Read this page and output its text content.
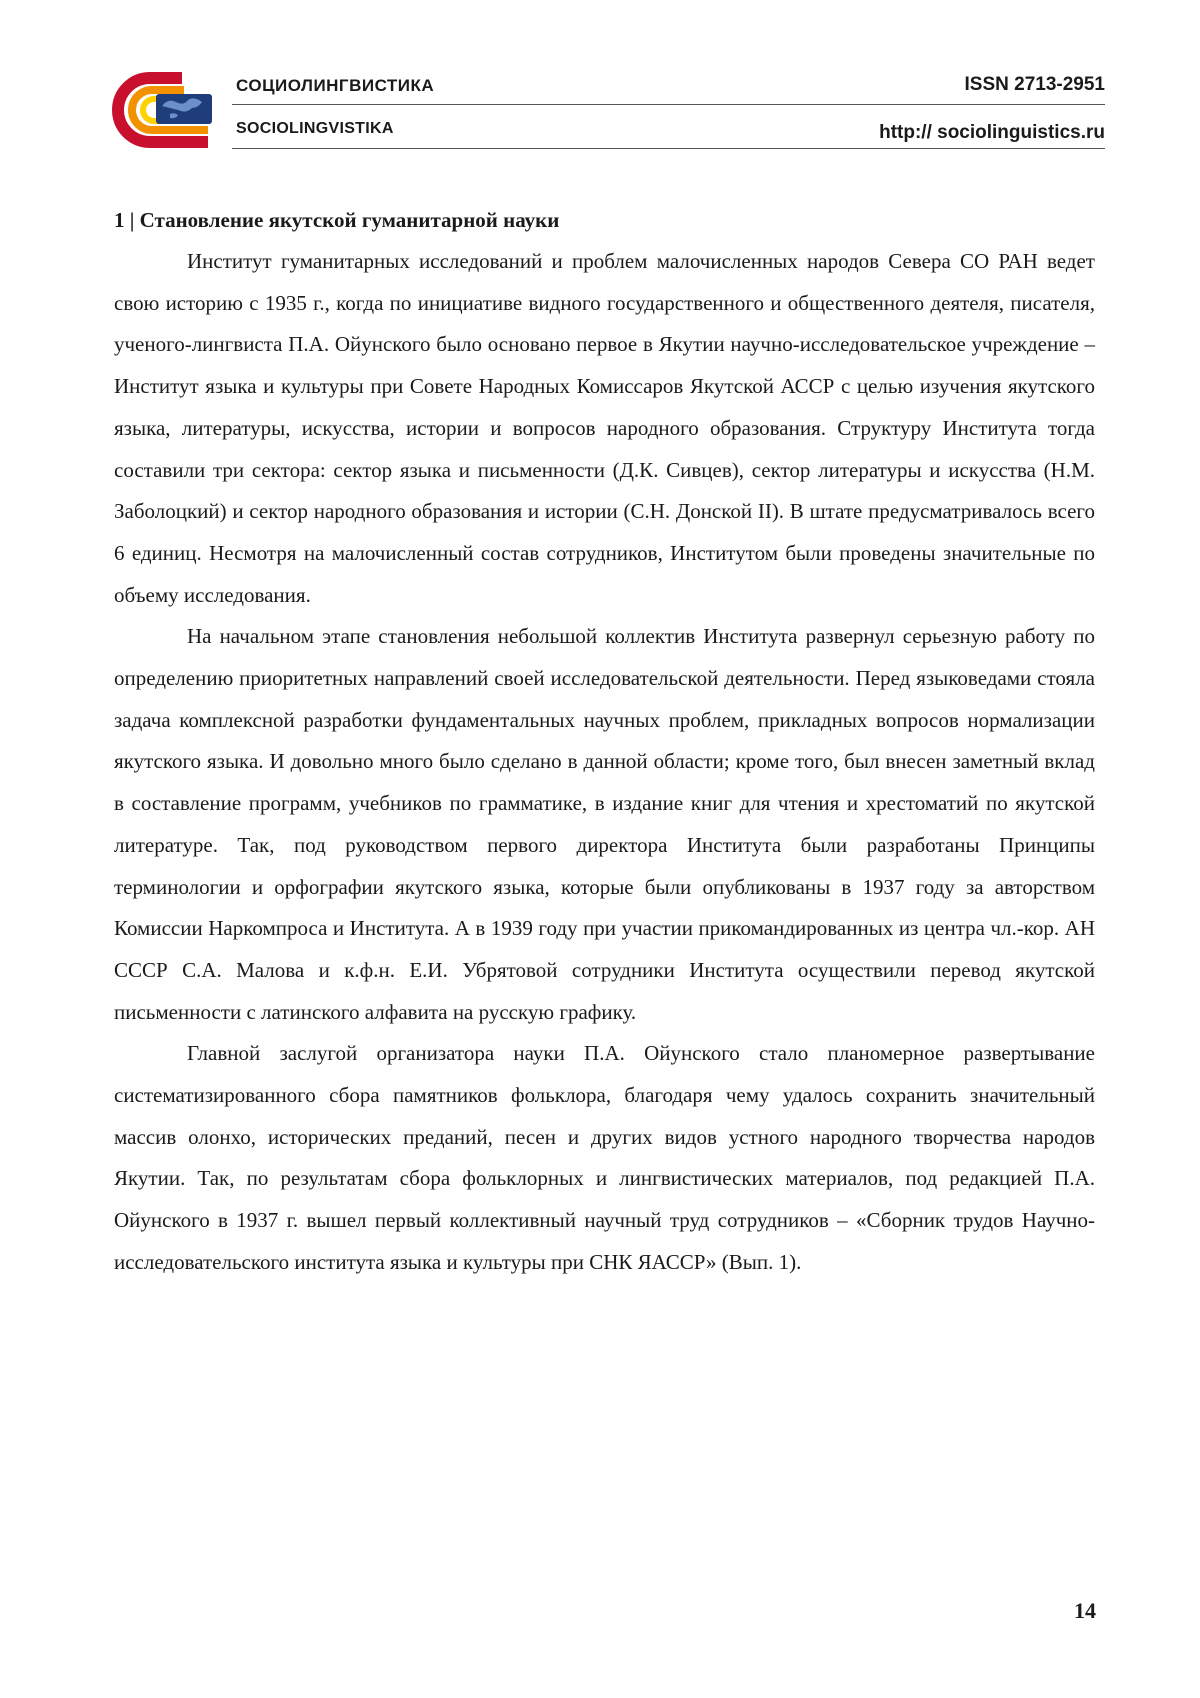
СОЦИОЛИНГВИСТИКА
SOCIOLINGVISTIKA
ISSN 2713-2951
http:// sociolinguistics.ru
1 | Становление якутской гуманитарной науки

Институт гуманитарных исследований и проблем малочисленных народов Севера СО РАН ведет свою историю с 1935 г., когда по инициативе видного государственного и общественного деятеля, писателя, ученого-лингвиста П.А. Ойунского было основано первое в Якутии научно-исследовательское учреждение – Институт языка и культуры при Совете Народных Комиссаров Якутской АССР с целью изучения якутского языка, литературы, искусства, истории и вопросов народного образования. Структуру Института тогда составили три сектора: сектор языка и письменности (Д.К. Сивцев), сектор литературы и искусства (Н.М. Заболоцкий) и сектор народного образования и истории (С.Н. Донской II). В штате предусматривалось всего 6 единиц. Несмотря на малочисленный состав сотрудников, Институтом были проведены значительные по объему исследования.

На начальном этапе становления небольшой коллектив Института развернул серьезную работу по определению приоритетных направлений своей исследовательской деятельности. Перед языковедами стояла задача комплексной разработки фундаментальных научных проблем, прикладных вопросов нормализации якутского языка. И довольно много было сделано в данной области; кроме того, был внесен заметный вклад в составление программ, учебников по грамматике, в издание книг для чтения и хрестоматий по якутской литературе. Так, под руководством первого директора Института были разработаны Принципы терминологии и орфографии якутского языка, которые были опубликованы в 1937 году за авторством Комиссии Наркомпроса и Института. А в 1939 году при участии прикомандированных из центра чл.-кор. АН СССР С.А. Малова и к.ф.н. Е.И. Убрятовой сотрудники Института осуществили перевод якутской письменности с латинского алфавита на русскую графику.

Главной заслугой организатора науки П.А. Ойунского стало планомерное развертывание систематизированного сбора памятников фольклора, благодаря чему удалось сохранить значительный массив олонхо, исторических преданий, песен и других видов устного народного творчества народов Якутии. Так, по результатам сбора фольклорных и лингвистических материалов, под редакцией П.А. Ойунского в 1937 г. вышел первый коллективный научный труд сотрудников – «Сборник трудов Научно-исследовательского института языка и культуры при СНК ЯАССР» (Вып. 1).

14
